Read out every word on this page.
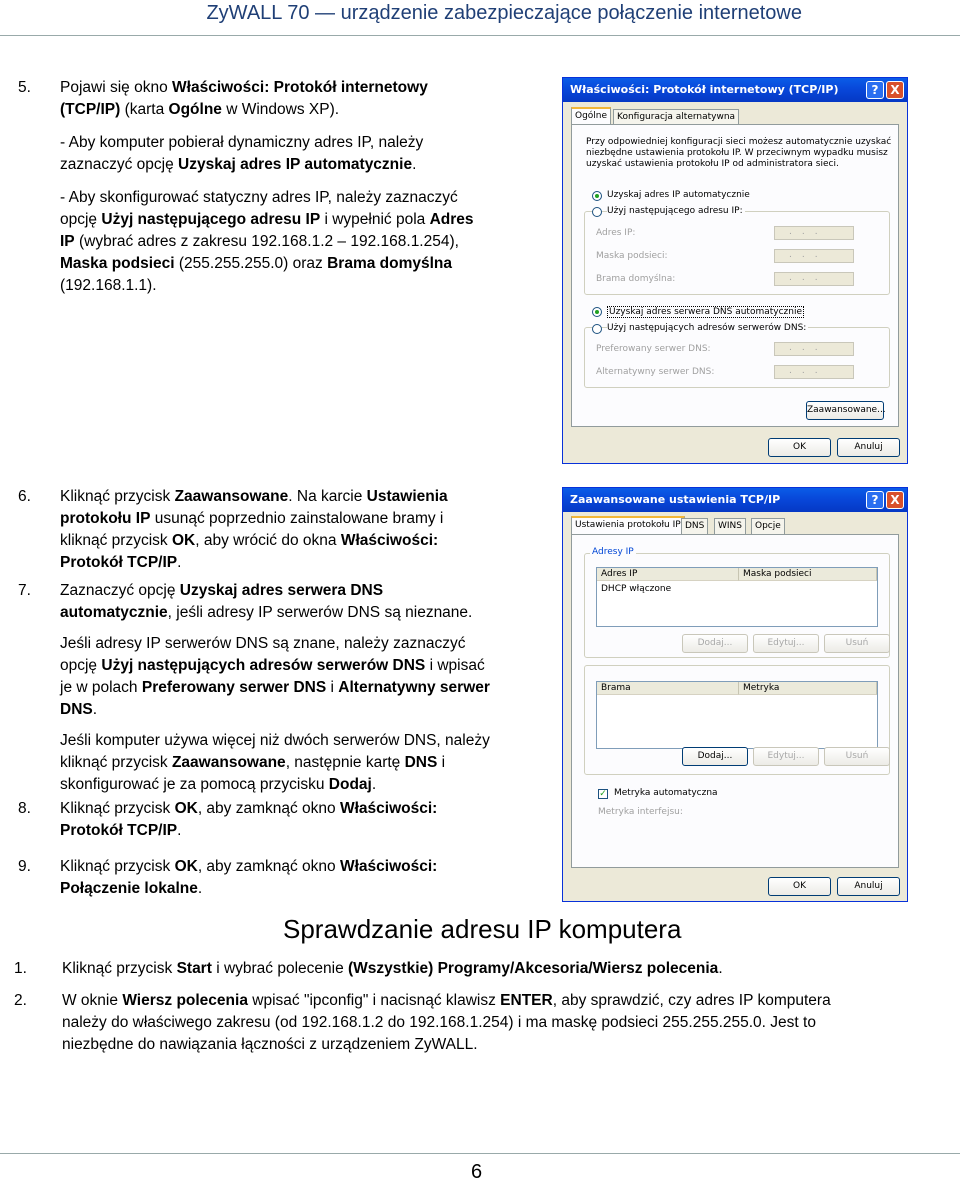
ZyWALL 70 — urządzenie zabezpieczające połączenie internetowe
5. Pojawi się okno Właściwości: Protokół internetowy
(TCP/IP) (karta Ogólne w Windows XP).
- Aby komputer pobierał dynamiczny adres IP, należy
zaznaczyć opcję Uzyskaj adres IP automatycznie.
- Aby skonfigurować statyczny adres IP, należy zaznaczyć
opcję Użyj następującego adresu IP i wypełnić pola Adres
IP (wybrać adres z zakresu 192.168.1.2 – 192.168.1.254),
Maska podsieci (255.255.255.0) oraz Brama domyślna
(192.168.1.1).
6. Kliknąć przycisk Zaawansowane. Na karcie Ustawienia
protokołu IP usunąć poprzednio zainstalowane bramy i
kliknąć przycisk OK, aby wrócić do okna Właściwości:
Protokół TCP/IP.
7. Zaznaczyć opcję Uzyskaj adres serwera DNS
automatycznie, jeśli adresy IP serwerów DNS są nieznane.
Jeśli adresy IP serwerów DNS są znane, należy zaznaczyć
opcję Użyj następujących adresów serwerów DNS i wpisać
je w polach Preferowany serwer DNS i Alternatywny serwer
DNS.
Jeśli komputer używa więcej niż dwóch serwerów DNS, należy
kliknąć przycisk Zaawansowane, następnie kartę DNS i
skonfigurować je za pomocą przycisku Dodaj.
8. Kliknąć przycisk OK, aby zamknąć okno Właściwości:
Protokół TCP/IP.
9. Kliknąć przycisk OK, aby zamknąć okno Właściwości:
Połączenie lokalne.
Sprawdzanie adresu IP komputera
1. Kliknąć przycisk Start i wybrać polecenie (Wszystkie) Programy/Akcesoria/Wiersz polecenia.
2. W oknie Wiersz polecenia wpisać "ipconfig" i nacisnąć klawisz ENTER, aby sprawdzić, czy adres IP komputera
należy do właściwego zakresu (od 192.168.1.2 do 192.168.1.254) i ma maskę podsieci 255.255.255.0. Jest to
niezbędne do nawiązania łączności z urządzeniem ZyWALL.
6
Właściwości: Protokół internetowy (TCP/IP)	? X
Ogólne	Konfiguracja alternatywna
Przy odpowiedniej konfiguracji sieci możesz automatycznie uzyskać
niezbędne ustawienia protokołu IP. W przeciwnym wypadku musisz
uzyskać ustawienia protokołu IP od administratora sieci.
Uzyskaj adres IP automatycznie
Użyj następującego adresu IP:
Adres IP:	...
Maska podsieci:	...
Brama domyślna:	...
Uzyskaj adres serwera DNS automatycznie
Użyj następujących adresów serwerów DNS:
Preferowany serwer DNS:	...
Alternatywny serwer DNS:	...
Zaawansowane...
OK	Anuluj
Zaawansowane ustawienia TCP/IP	? X
Ustawienia protokołu IP DNS	WINS	Opcje
Adresy IP
Adres IP	Maska podsieci
DHCP włączone
Dodaj...	Edytuj...	Usuń
Brama	Metryka
Dodaj...	Edytuj...	Usuń
✓ Metryka automatyczna
Metryka interfejsu:
OK	Anuluj
